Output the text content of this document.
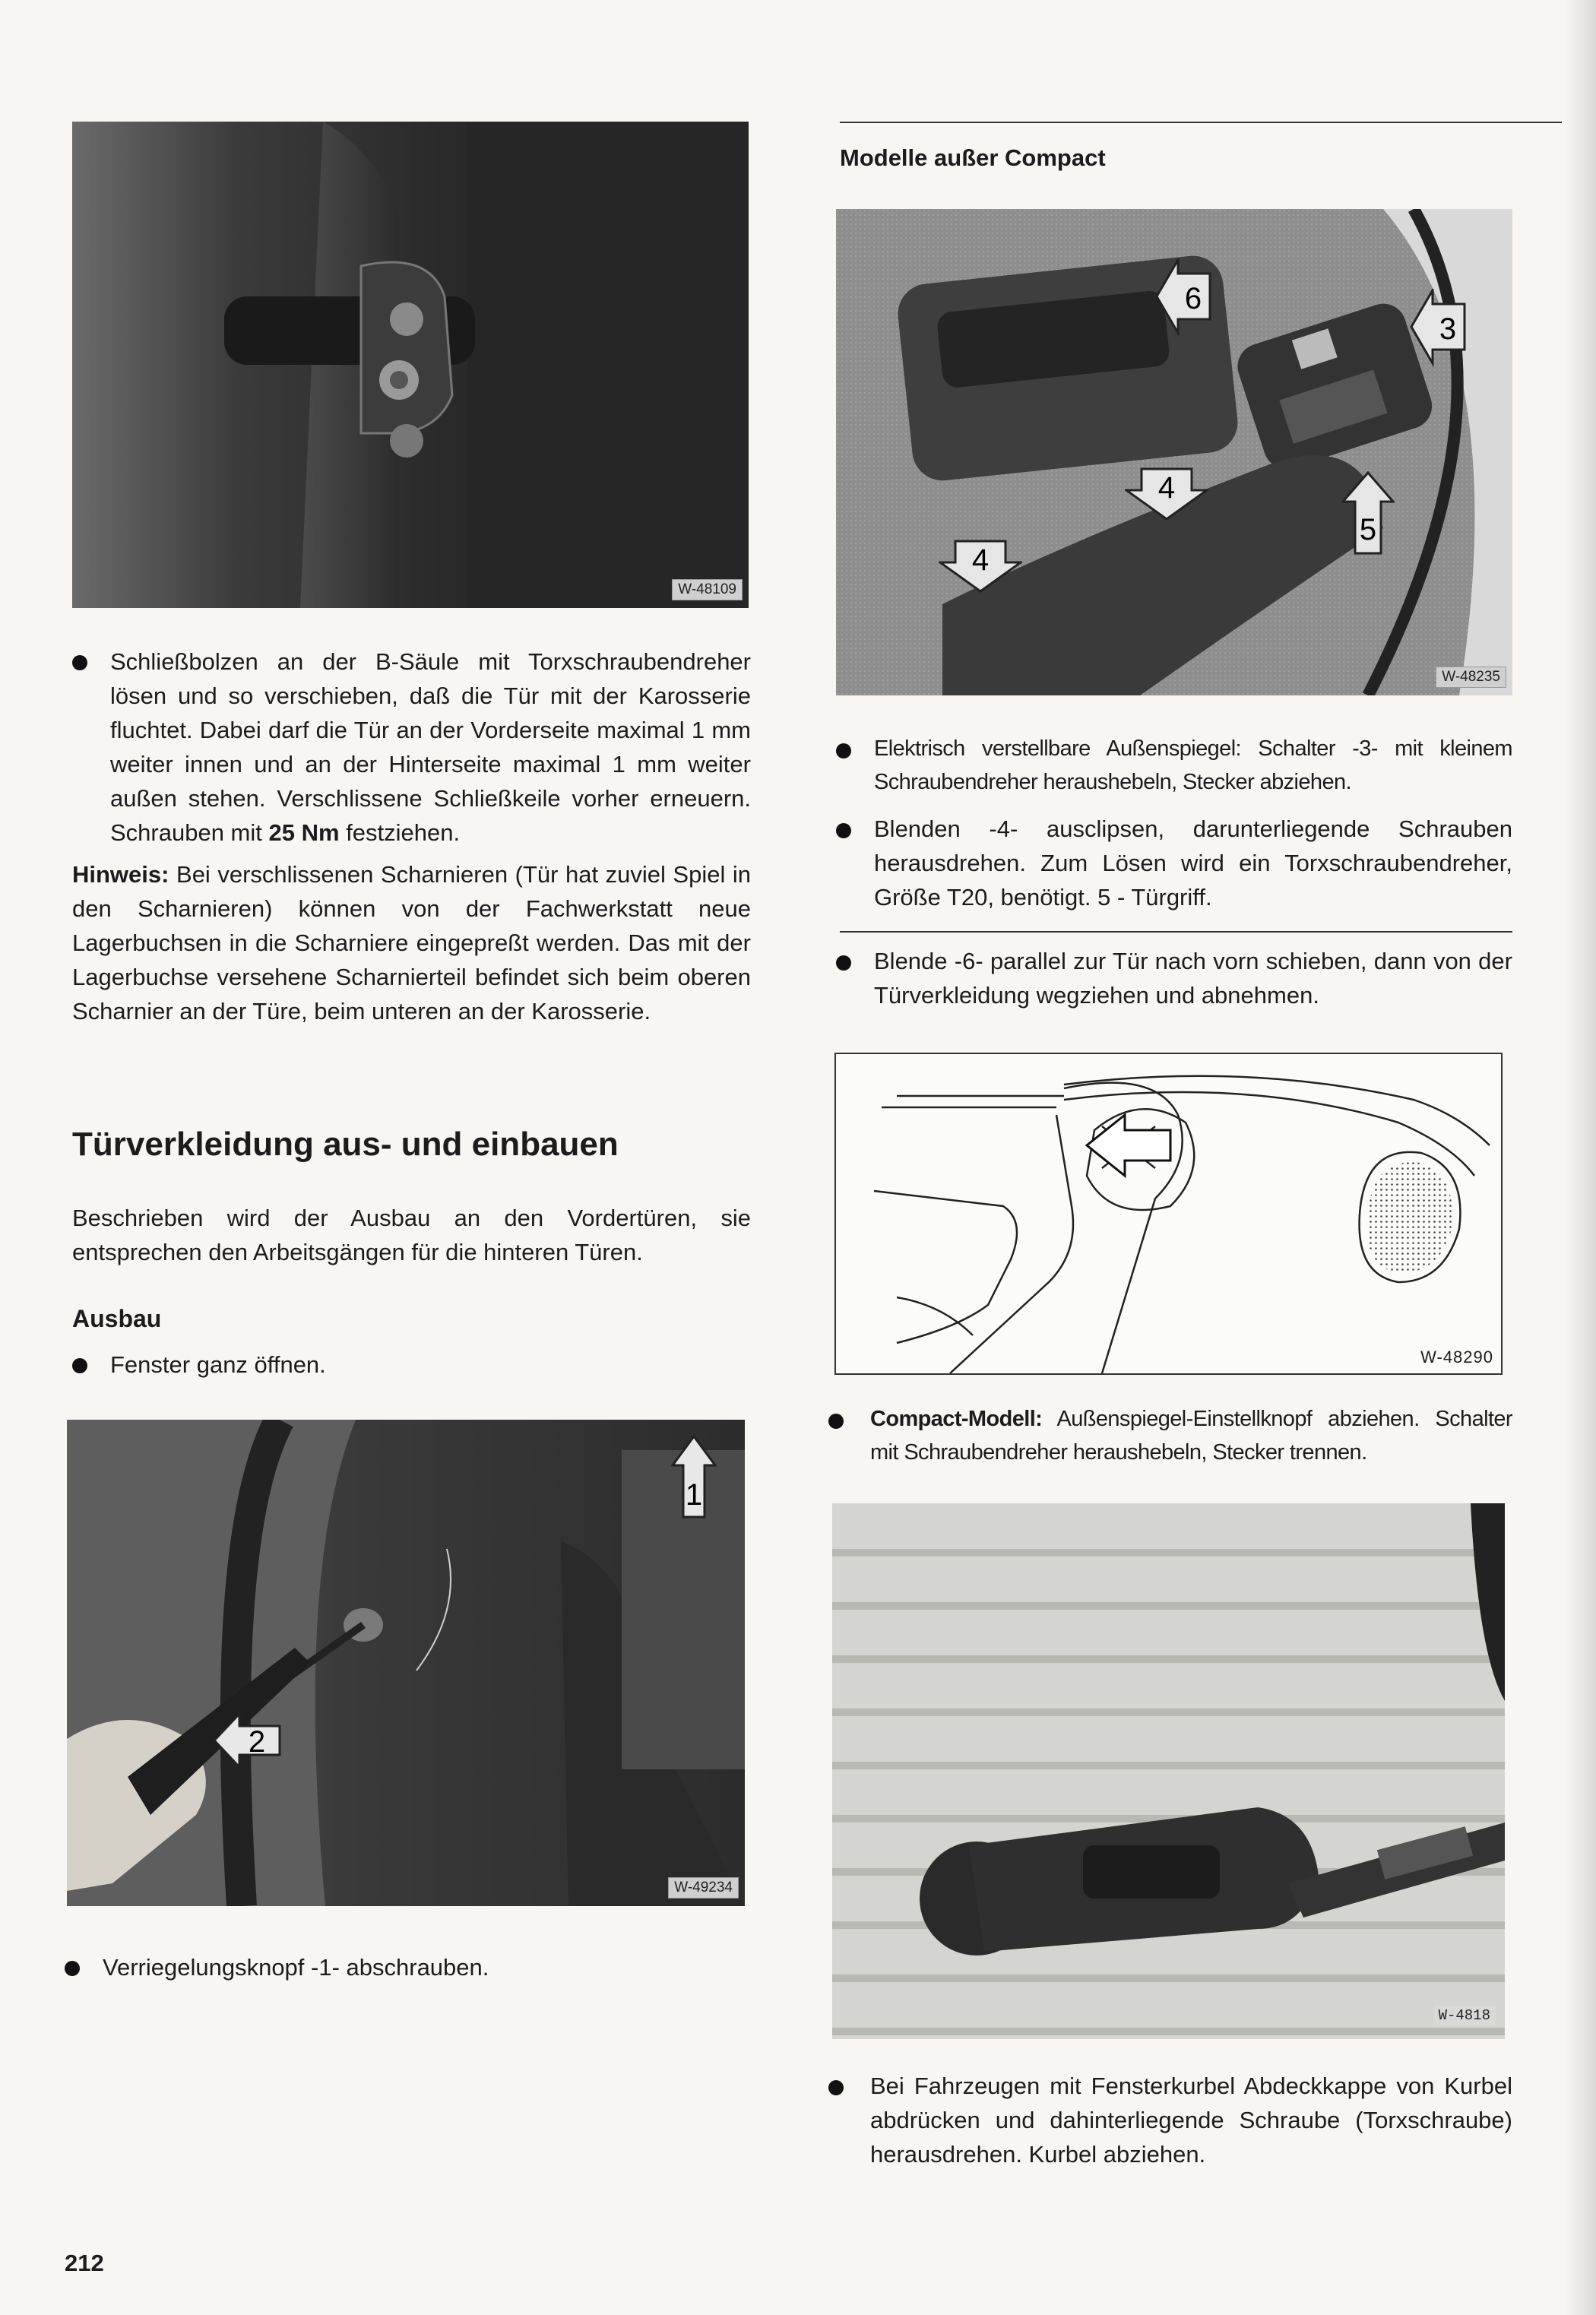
W-48109
Schließbolzen an der B-Säule mit Torxschraubendreher lösen und so verschieben, daß die Tür mit der Karosserie fluchtet. Dabei darf die Tür an der Vorderseite maximal 1 mm weiter innen und an der Hinterseite maximal 1 mm weiter außen stehen. Verschlissene Schließkeile vorher erneuern. Schrauben mit 25 Nm festziehen.
Hinweis: Bei verschlissenen Scharnieren (Tür hat zuviel Spiel in den Scharnieren) können von der Fachwerkstatt neue Lagerbuchsen in die Scharniere eingepreßt werden. Das mit der Lagerbuchse versehene Scharnierteil befindet sich beim oberen Scharnier an der Türe, beim unteren an der Karosserie.
Türverkleidung aus- und einbauen
Beschrieben wird der Ausbau an den Vordertüren, sie entsprechen den Arbeitsgängen für die hinteren Türen.
Ausbau
Fenster ganz öffnen.
1
2
W-49234
Verriegelungsknopf -1- abschrauben.
212
Modelle außer Compact
6
3
4
5
4
W-48235
Elektrisch verstellbare Außenspiegel: Schalter -3- mit kleinem Schraubendreher heraushebeln, Stecker abziehen.
Blenden -4- ausclipsen, darunterliegende Schrauben herausdrehen. Zum Lösen wird ein Torxschraubendreher, Größe T20, benötigt. 5 - Türgriff.
Blende -6- parallel zur Tür nach vorn schieben, dann von der Türverkleidung wegziehen und abnehmen.
W-48290
Compact-Modell: Außenspiegel-Einstellknopf abziehen. Schalter mit Schraubendreher heraushebeln, Stecker trennen.
W-4818
Bei Fahrzeugen mit Fensterkurbel Abdeckkappe von Kurbel abdrücken und dahinterliegende Schraube (Torxschraube) herausdrehen. Kurbel abziehen.
